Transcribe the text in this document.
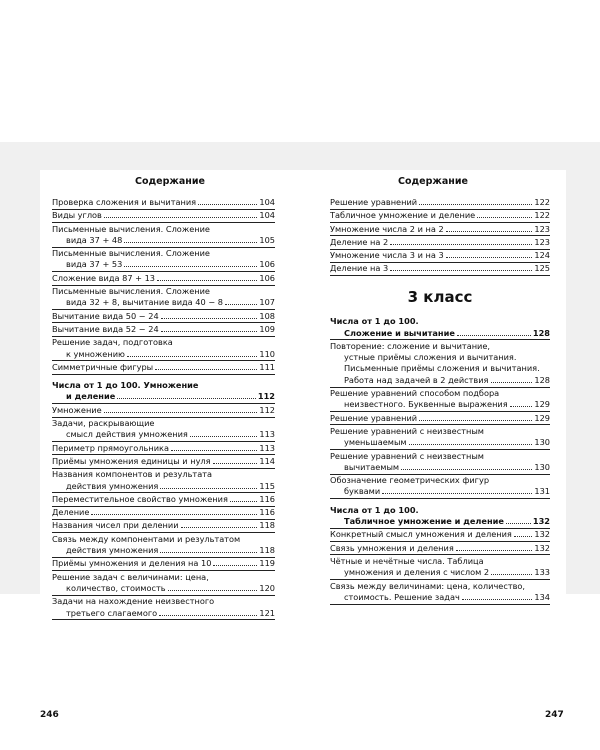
Содержание
Проверка сложения и вычитания	104
Виды углов	104
Письменные вычисления. Сложение
вида 37 + 48	105
Письменные вычисления. Сложение
вида 37 + 53	106
Сложение вида 87 + 13	106
Письменные вычисления. Сложение
вида 32 + 8, вычитание вида 40 − 8	107
Вычитание вида 50 − 24	108
Вычитание вида 52 − 24	109
Решение задач, подготовка
к умножению	110
Симметричные фигуры	111
Числа от 1 до 100. Умножение
и деление	112
Умножение	112
Задачи, раскрывающие
смысл действия умножения	113
Периметр прямоугольника	113
Приёмы умножения единицы и нуля	114
Названия компонентов и результата
действия умножения	115
Переместительное свойство умножения	116
Деление	116
Названия чисел при делении	118
Связь между компонентами и результатом
действия умножения	118
Приёмы умножения и деления на 10	119
Решение задач с величинами: цена,
количество, стоимость	120
Задачи на нахождение неизвестного
третьего слагаемого	121
Содержание
Решение уравнений	122
Табличное умножение и деление	122
Умножение числа 2 и на 2	123
Деление на 2	123
Умножение числа 3 и на 3	124
Деление на 3	125
3 класс
Числа от 1 до 100.
Сложение и вычитание	128
Повторение: сложение и вычитание,
устные приёмы сложения и вычитания.
Письменные приёмы сложения и вычитания.
Работа над задачей в 2 действия	128
Решение уравнений способом подбора
неизвестного. Буквенные выражения	129
Решение уравнений	129
Решение уравнений с неизвестным
уменьшаемым	130
Решение уравнений с неизвестным
вычитаемым	130
Обозначение геометрических фигур
буквами	131
Числа от 1 до 100.
Табличное умножение и деление	132
Конкретный смысл умножения и деления	132
Связь умножения и деления	132
Чётные и нечётные числа. Таблица
умножения и деления с числом 2	133
Связь между величинами: цена, количество,
стоимость. Решение задач	134
246	247
